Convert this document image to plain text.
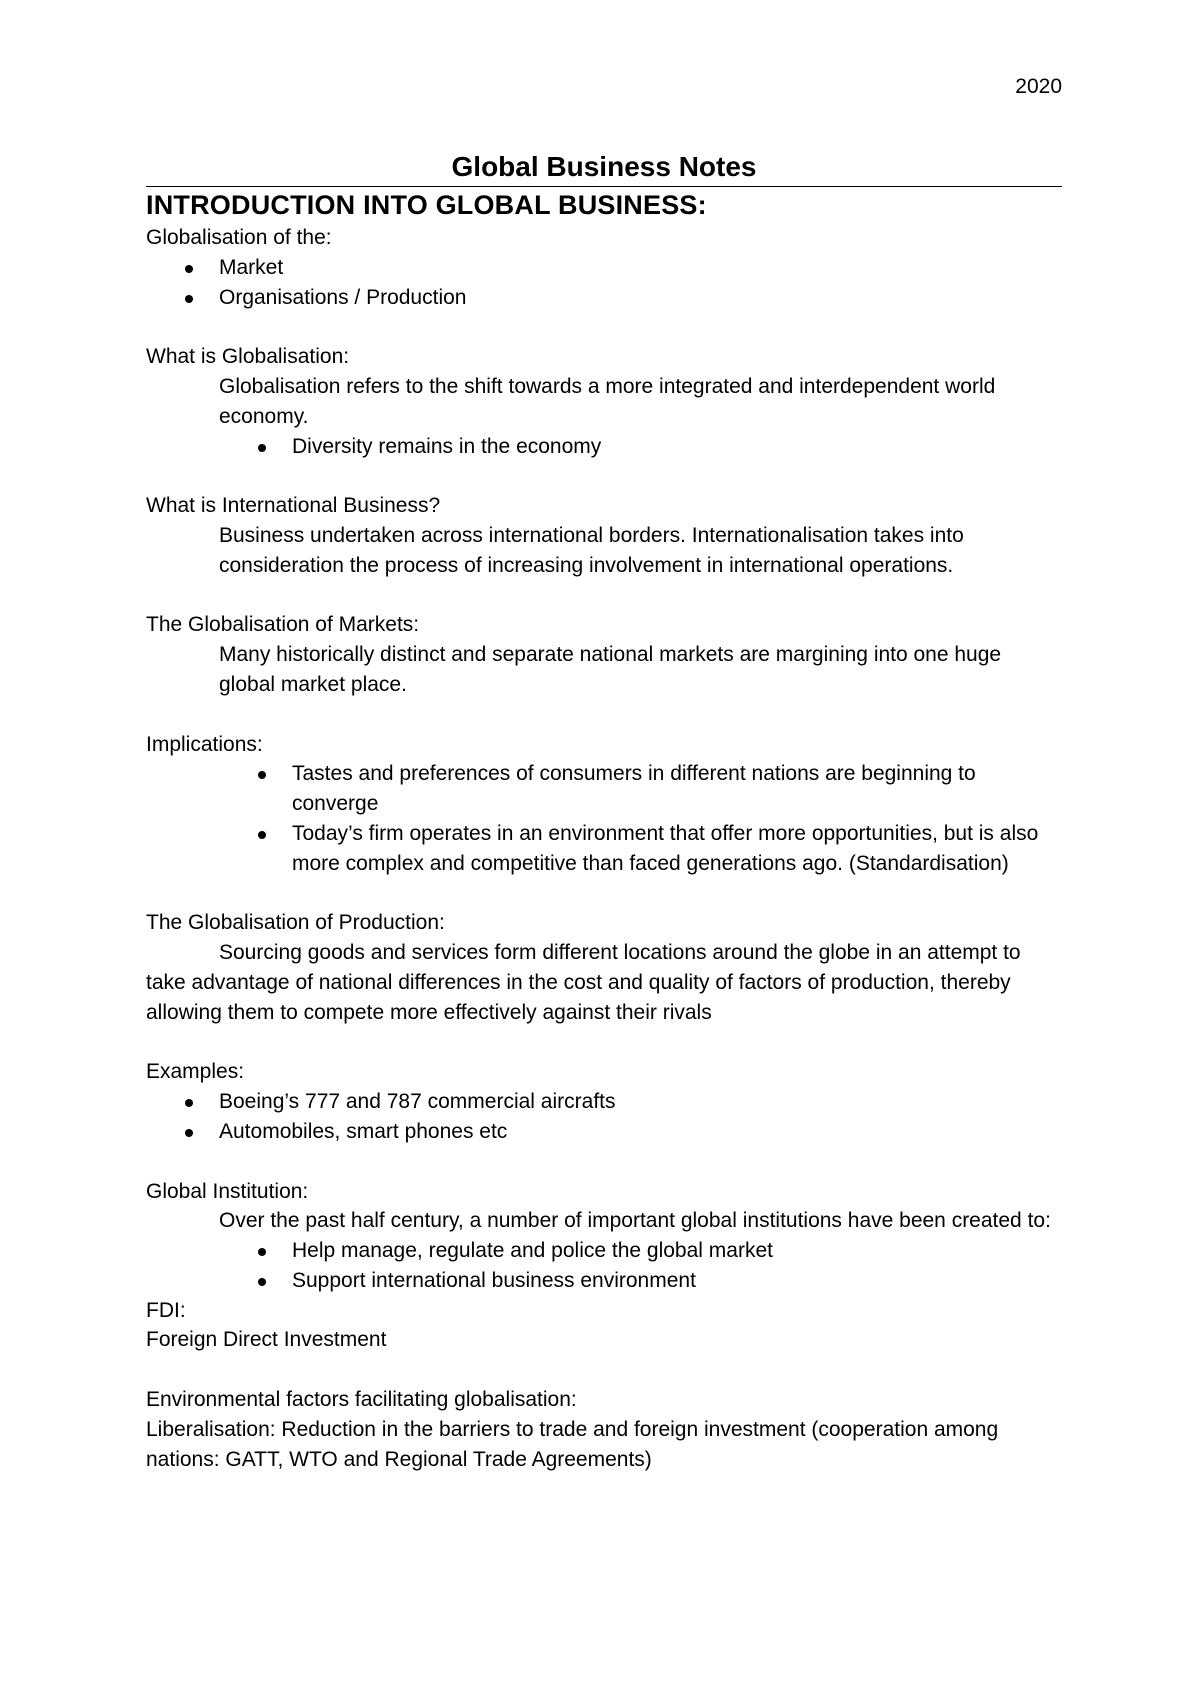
2020
Global Business Notes
INTRODUCTION INTO GLOBAL BUSINESS:

Globalisation of the:

Market
Organisations / Production

What is Globalisation:

Globalisation refers to the shift towards a more integrated and interdependent world economy.

Diversity remains in the economy

What is International Business?

Business undertaken across international borders. Internationalisation takes into consideration the process of increasing involvement in international operations.

The Globalisation of Markets:

Many historically distinct and separate national markets are margining into one huge global market place.

Implications:

Tastes and preferences of consumers in different nations are beginning to converge
Today’s firm operates in an environment that offer more opportunities, but is also more complex and competitive than faced generations ago. (Standardisation)

The Globalisation of Production:

Sourcing goods and services form different locations around the globe in an attempt to take advantage of national differences in the cost and quality of factors of production, thereby allowing them to compete more effectively against their rivals

Examples:

Boeing’s 777 and 787 commercial aircrafts
Automobiles, smart phones etc

Global Institution:

Over the past half century, a number of important global institutions have been created to:

Help manage, regulate and police the global market
Support international business environment

FDI:

Foreign Direct Investment

Environmental factors facilitating globalisation:

Liberalisation: Reduction in the barriers to trade and foreign investment (cooperation among nations: GATT, WTO and Regional Trade Agreements)
